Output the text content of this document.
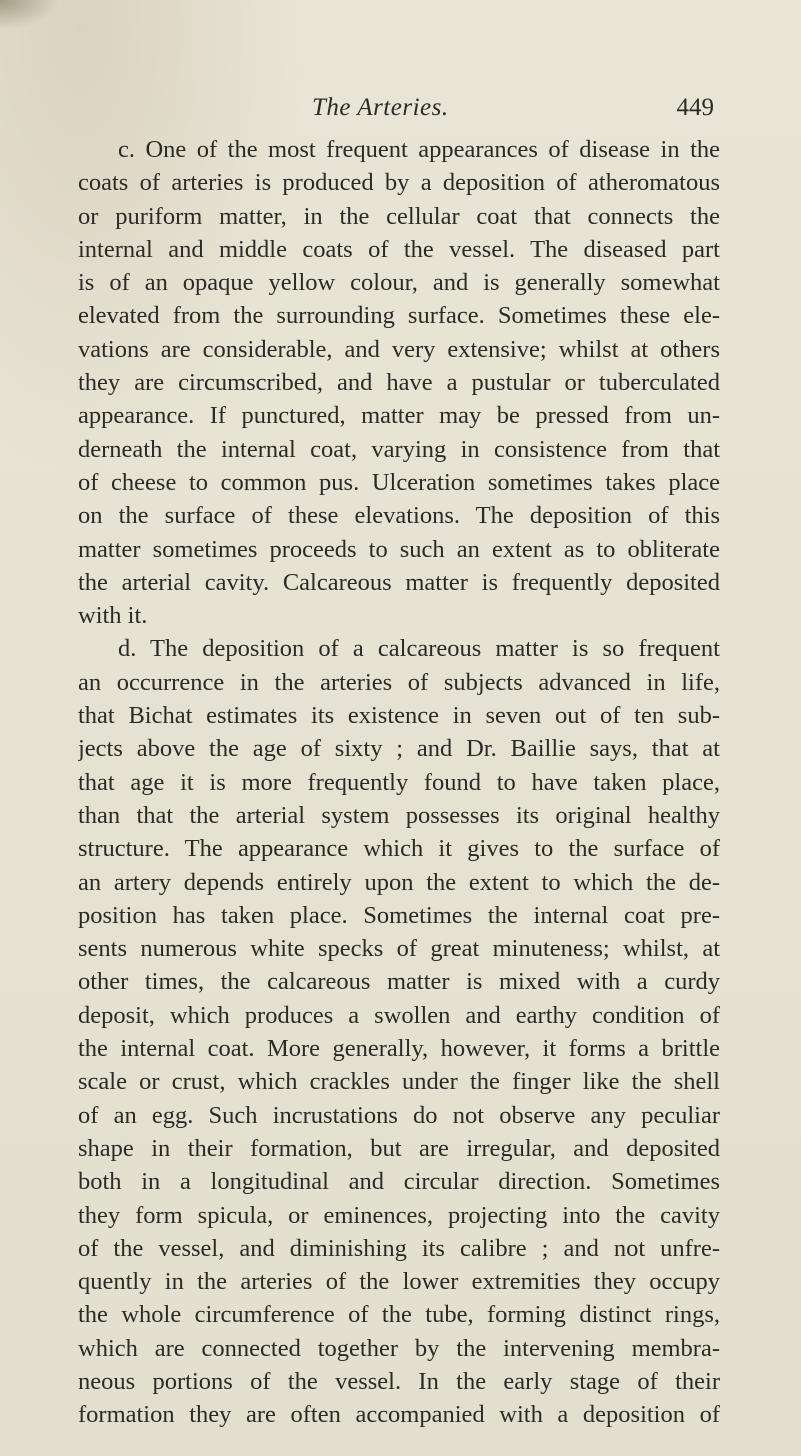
The Arteries.	449
c. One of the most frequent appearances of disease in the
coats of arteries is produced by a deposition of atheromatous
or puriform matter, in the cellular coat that connects the
internal and middle coats of the vessel. The diseased part
is of an opaque yellow colour, and is generally somewhat
elevated from the surrounding surface. Sometimes these ele-
vations are considerable, and very extensive; whilst at others
they are circumscribed, and have a pustular or tuberculated
appearance. If punctured, matter may be pressed from un-
derneath the internal coat, varying in consistence from that
of cheese to common pus. Ulceration sometimes takes place
on the surface of these elevations. The deposition of this
matter sometimes proceeds to such an extent as to obliterate
the arterial cavity. Calcareous matter is frequently deposited
with it.
d. The deposition of a calcareous matter is so frequent
an occurrence in the arteries of subjects advanced in life,
that Bichat estimates its existence in seven out of ten sub-
jects above the age of sixty ; and Dr. Baillie says, that at
that age it is more frequently found to have taken place,
than that the arterial system possesses its original healthy
structure. The appearance which it gives to the surface of
an artery depends entirely upon the extent to which the de-
position has taken place. Sometimes the internal coat pre-
sents numerous white specks of great minuteness; whilst, at
other times, the calcareous matter is mixed with a curdy
deposit, which produces a swollen and earthy condition of
the internal coat. More generally, however, it forms a brittle
scale or crust, which crackles under the finger like the shell
of an egg. Such incrustations do not observe any peculiar
shape in their formation, but are irregular, and deposited
both in a longitudinal and circular direction. Sometimes
they form spicula, or eminences, projecting into the cavity
of the vessel, and diminishing its calibre ; and not unfre-
quently in the arteries of the lower extremities they occupy
the whole circumference of the tube, forming distinct rings,
which are connected together by the intervening membra-
neous portions of the vessel. In the early stage of their
formation they are often accompanied with a deposition of
